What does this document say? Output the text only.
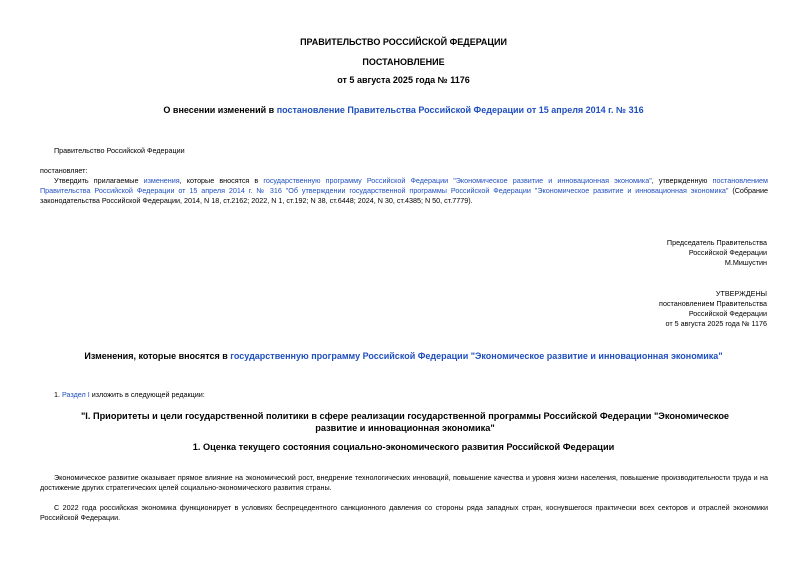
ПРАВИТЕЛЬСТВО РОССИЙСКОЙ ФЕДЕРАЦИИ
ПОСТАНОВЛЕНИЕ
от 5 августа 2025 года № 1176
О внесении изменений в постановление Правительства Российской Федерации от 15 апреля 2014 г. № 316
Правительство Российской Федерации
постановляет:
Утвердить прилагаемые изменения, которые вносятся в государственную программу Российской Федерации "Экономическое развитие и инновационная экономика", утвержденную постановлением Правительства Российской Федерации от 15 апреля 2014 г. № 316 "Об утверждении государственной программы Российской Федерации "Экономическое развитие и инновационная экономика" (Собрание законодательства Российской Федерации, 2014, N 18, ст.2162; 2022, N 1, ст.192; N 38, ст.6448; 2024, N 30, ст.4385; N 50, ст.7779).
Председатель Правительства
Российской Федерации
М.Мишустин
УТВЕРЖДЕНЫ
постановлением Правительства
Российской Федерации
от 5 августа 2025 года № 1176
Изменения, которые вносятся в государственную программу Российской Федерации "Экономическое развитие и инновационная экономика"
1. Раздел I изложить в следующей редакции:
"I. Приоритеты и цели государственной политики в сфере реализации государственной программы Российской Федерации "Экономическое развитие и инновационная экономика"
1. Оценка текущего состояния социально-экономического развития Российской Федерации
Экономическое развитие оказывает прямое влияние на экономический рост, внедрение технологических инноваций, повышение качества и уровня жизни населения, повышение производительности труда и на достижение других стратегических целей социально-экономического развития страны.
С 2022 года российская экономика функционирует в условиях беспрецедентного санкционного давления со стороны ряда западных стран, коснувшегося практически всех секторов и отраслей экономики Российской Федерации.
